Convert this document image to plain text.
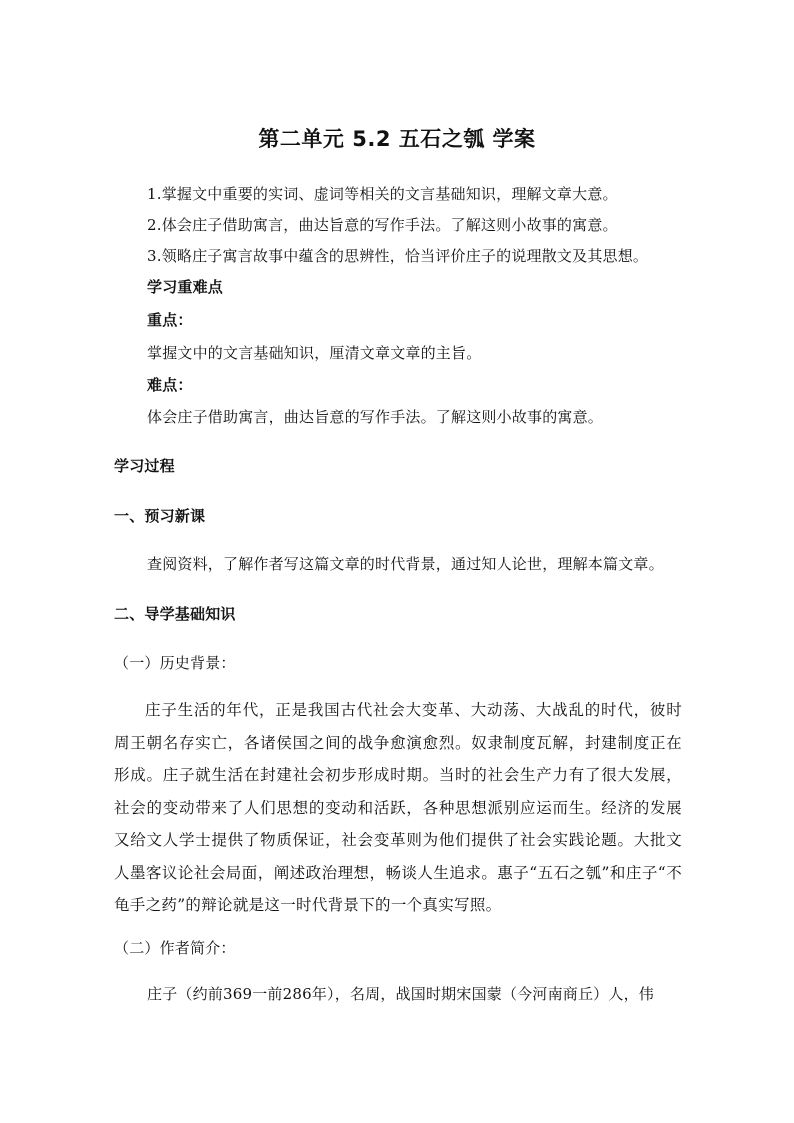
第二单元 5.2 五石之瓠 学案
1.掌握文中重要的实词、虚词等相关的文言基础知识，理解文章大意。
2.体会庄子借助寓言，曲达旨意的写作手法。了解这则小故事的寓意。
3.领略庄子寓言故事中蕴含的思辨性，恰当评价庄子的说理散文及其思想。
学习重难点
重点：
掌握文中的文言基础知识，厘清文章文章的主旨。
难点：
体会庄子借助寓言，曲达旨意的写作手法。了解这则小故事的寓意。
学习过程
一、预习新课
查阅资料，了解作者写这篇文章的时代背景，通过知人论世，理解本篇文章。
二、导学基础知识
（一）历史背景：
庄子生活的年代，正是我国古代社会大变革、大动荡、大战乱的时代，彼时周王朝名存实亡，各诸侯国之间的战争愈演愈烈。奴隶制度瓦解，封建制度正在形成。庄子就生活在封建社会初步形成时期。当时的社会生产力有了很大发展，社会的变动带来了人们思想的变动和活跃，各种思想派别应运而生。经济的发展又给文人学士提供了物质保证，社会变革则为他们提供了社会实践论题。大批文人墨客议论社会局面，阐述政治理想，畅谈人生追求。惠子“五石之瓠”和庄子“不龟手之药”的辩论就是这一时代背景下的一个真实写照。
（二）作者简介：
庄子（约前369一前286年），名周，战国时期宋国蒙（今河南商丘）人，伟
